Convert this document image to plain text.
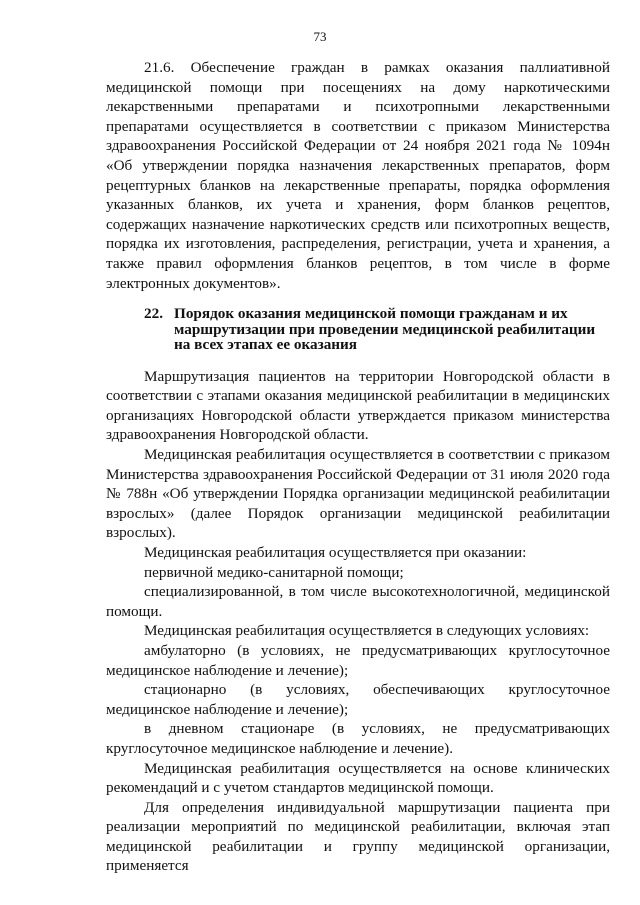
73

21.6. Обеспечение граждан в рамках оказания паллиативной медицинской помощи при посещениях на дому наркотическими лекарственными препаратами и психотропными лекарственными препаратами осуществляется в соответствии с приказом Министерства здравоохранения Российской Федерации от 24 ноября 2021 года № 1094н «Об утверждении порядка назначения лекарственных препаратов, форм рецептурных бланков на лекарственные препараты, порядка оформления указанных бланков, их учета и хранения, форм бланков рецептов, содержащих назначение наркотических средств или психотропных веществ, порядка их изготовления, распределения, регистрации, учета и хранения, а также правил оформления бланков рецептов, в том числе в форме электронных документов».

22. Порядок оказания медицинской помощи гражданам и их маршрутизации при проведении медицинской реабилитации на всех этапах ее оказания

Маршрутизация пациентов на территории Новгородской области в соответствии с этапами оказания медицинской реабилитации в медицинских организациях Новгородской области утверждается приказом министерства здравоохранения Новгородской области.

Медицинская реабилитация осуществляется в соответствии с приказом Министерства здравоохранения Российской Федерации от 31 июля 2020 года № 788н «Об утверждении Порядка организации медицинской реабилитации взрослых» (далее Порядок организации медицинской реабилитации взрослых).

Медицинская реабилитация осуществляется при оказании:

первичной медико-санитарной помощи;

специализированной, в том числе высокотехнологичной, медицинской помощи.

Медицинская реабилитация осуществляется в следующих условиях:

амбулаторно (в условиях, не предусматривающих круглосуточное медицинское наблюдение и лечение);

стационарно (в условиях, обеспечивающих круглосуточное медицинское наблюдение и лечение);

в дневном стационаре (в условиях, не предусматривающих круглосуточное медицинское наблюдение и лечение).

Медицинская реабилитация осуществляется на основе клинических рекомендаций и с учетом стандартов медицинской помощи.

Для определения индивидуальной маршрутизации пациента при реализации мероприятий по медицинской реабилитации, включая этап медицинской реабилитации и группу медицинской организации, применяется
